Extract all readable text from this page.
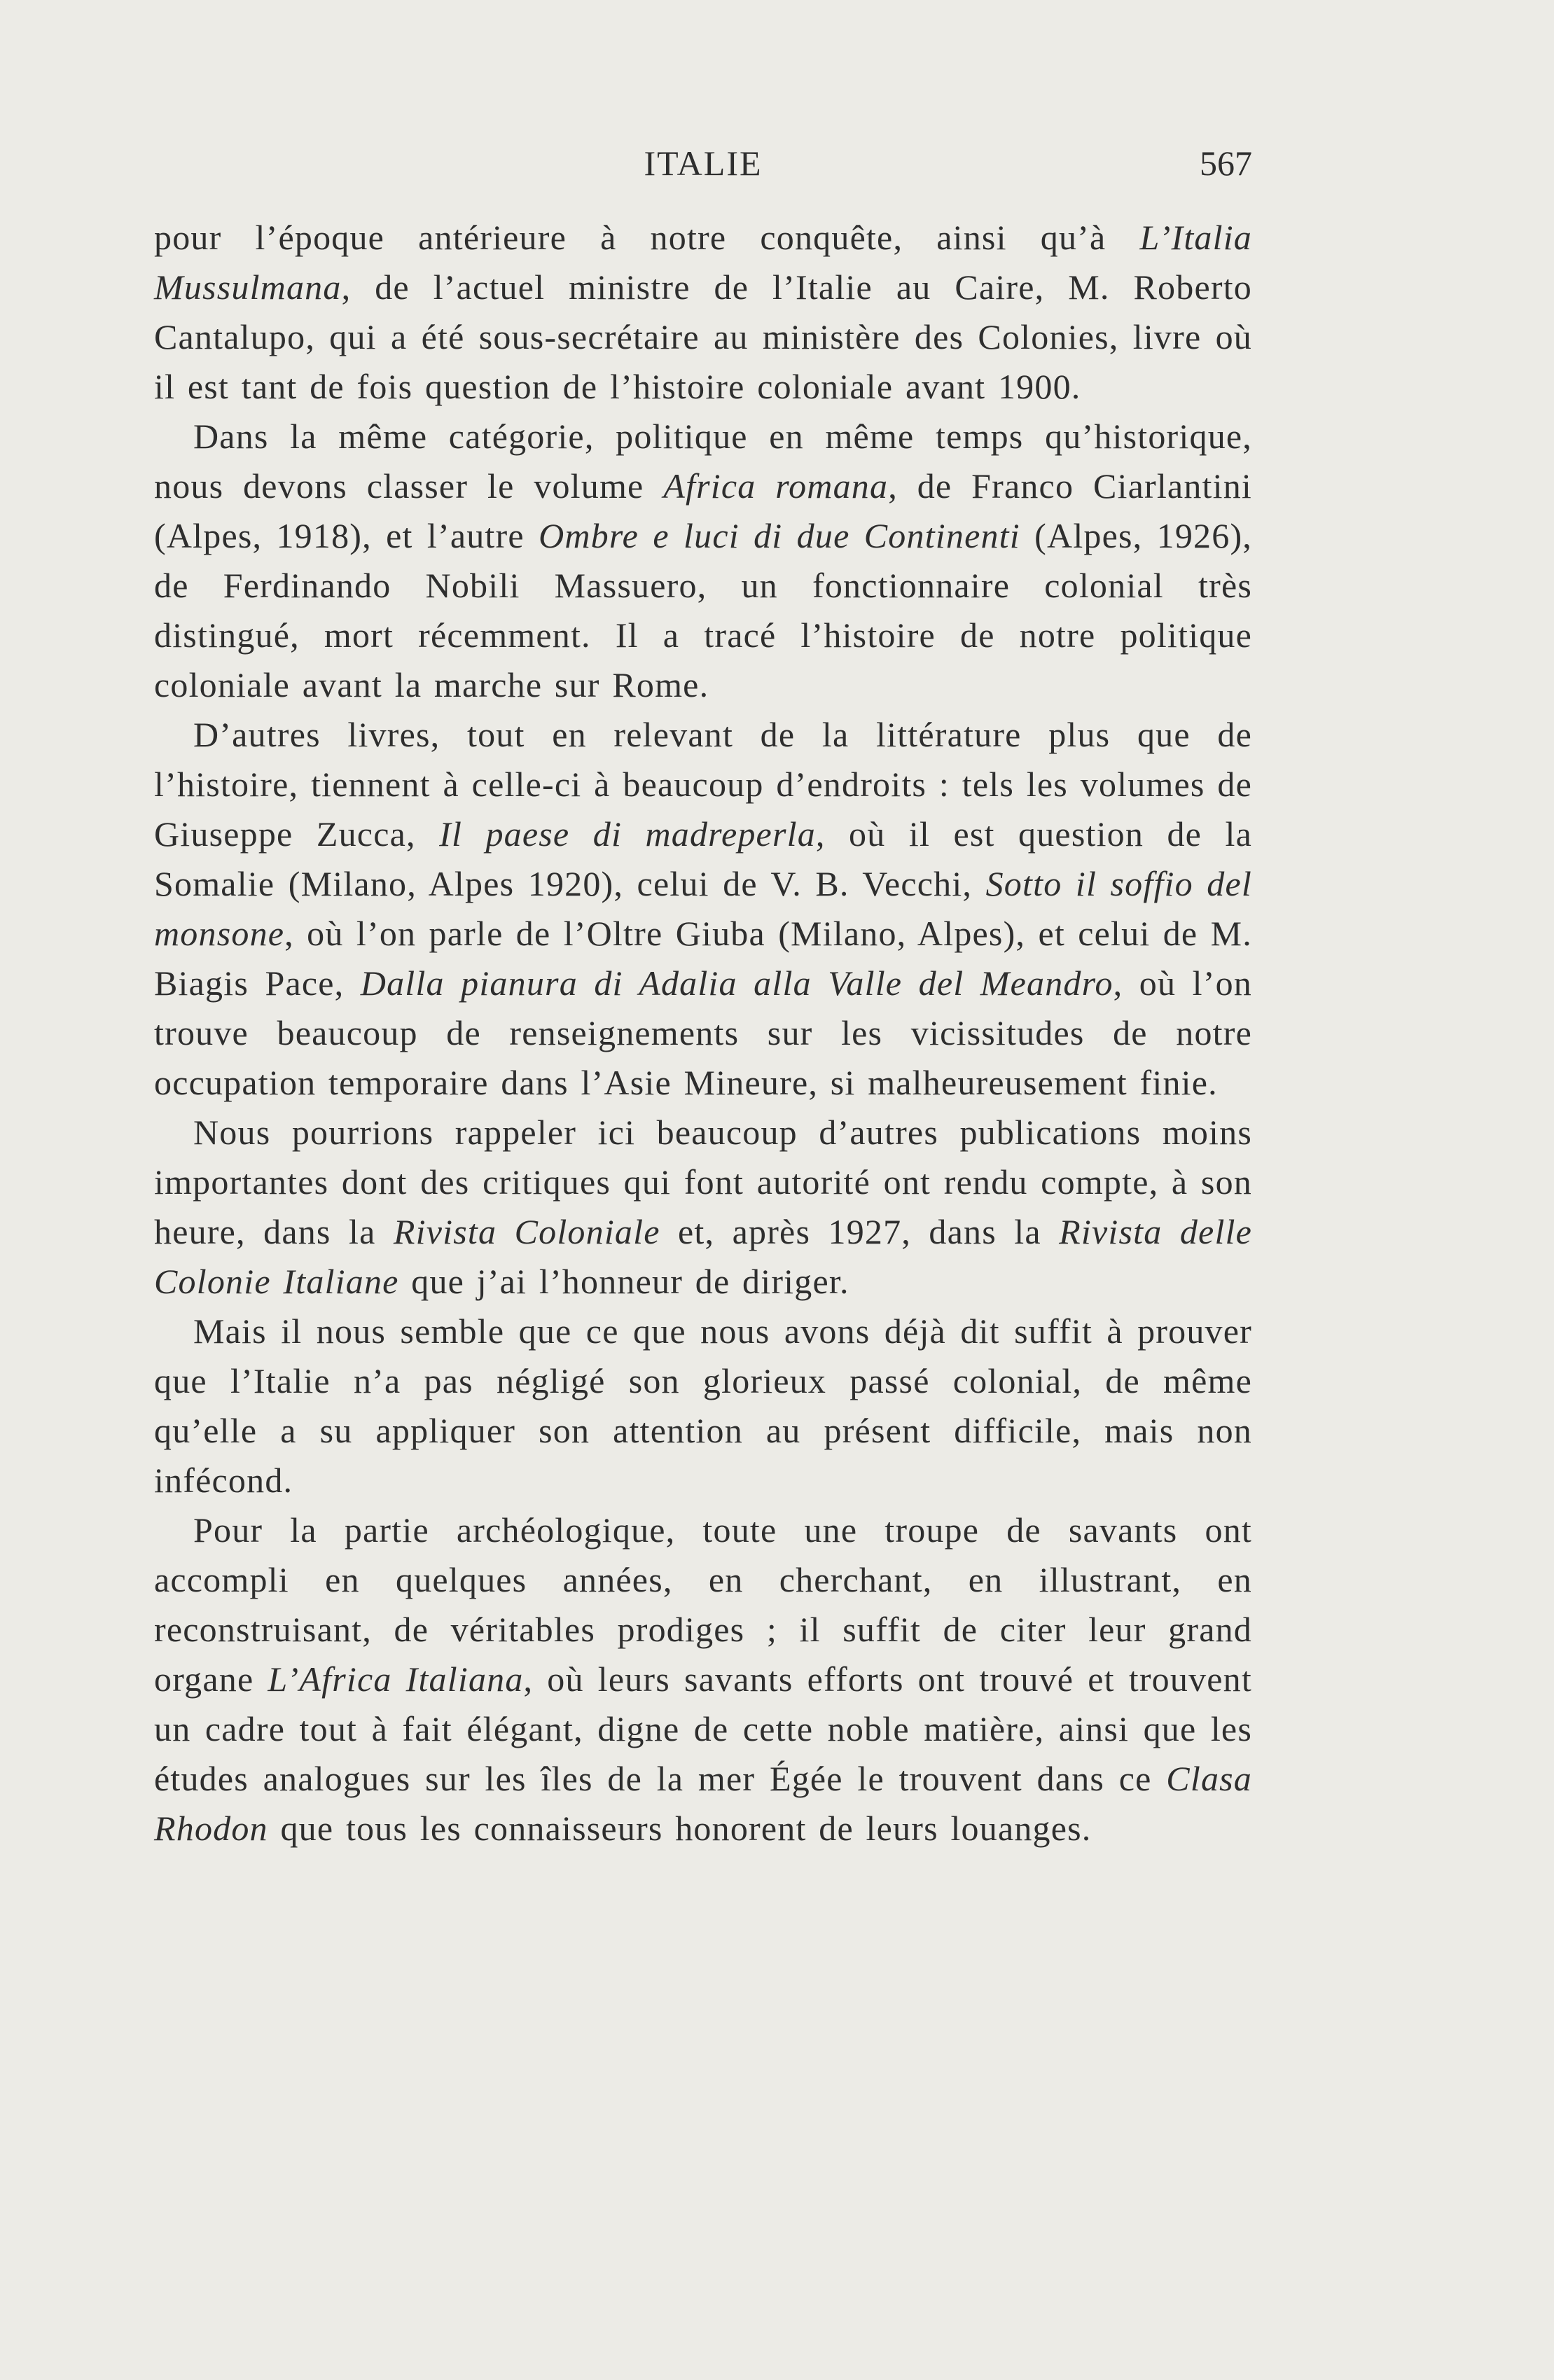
ITALIE	567

pour l’époque antérieure à notre conquête, ainsi qu’à L’Italia Mussulmana, de l’actuel ministre de l’Italie au Caire, M. Roberto Cantalupo, qui a été sous-secrétaire au ministère des Colonies, livre où il est tant de fois question de l’histoire coloniale avant 1900.

Dans la même catégorie, politique en même temps qu’historique, nous devons classer le volume Africa romana, de Franco Ciarlantini (Alpes, 1918), et l’autre Ombre e luci di due Continenti (Alpes, 1926), de Ferdinando Nobili Massuero, un fonctionnaire colonial très distingué, mort récemment. Il a tracé l’histoire de notre politique coloniale avant la marche sur Rome.

D’autres livres, tout en relevant de la littérature plus que de l’histoire, tiennent à celle-ci à beaucoup d’endroits : tels les volumes de Giuseppe Zucca, Il paese di madreperla, où il est question de la Somalie (Milano, Alpes 1920), celui de V. B. Vecchi, Sotto il soffio del monsone, où l’on parle de l’Oltre Giuba (Milano, Alpes), et celui de M. Biagis Pace, Dalla pianura di Adalia alla Valle del Meandro, où l’on trouve beaucoup de renseignements sur les vicissitudes de notre occupation temporaire dans l’Asie Mineure, si malheureusement finie.

Nous pourrions rappeler ici beaucoup d’autres publications moins importantes dont des critiques qui font autorité ont rendu compte, à son heure, dans la Rivista Coloniale et, après 1927, dans la Rivista delle Colonie Italiane que j’ai l’honneur de diriger.

Mais il nous semble que ce que nous avons déjà dit suffit à prouver que l’Italie n’a pas négligé son glorieux passé colonial, de même qu’elle a su appliquer son attention au présent difficile, mais non infécond.

Pour la partie archéologique, toute une troupe de savants ont accompli en quelques années, en cherchant, en illustrant, en reconstruisant, de véritables prodiges ; il suffit de citer leur grand organe L’Africa Italiana, où leurs savants efforts ont trouvé et trouvent un cadre tout à fait élégant, digne de cette noble matière, ainsi que les études analogues sur les îles de la mer Égée le trouvent dans ce Clasa Rhodon que tous les connaisseurs honorent de leurs louanges.
